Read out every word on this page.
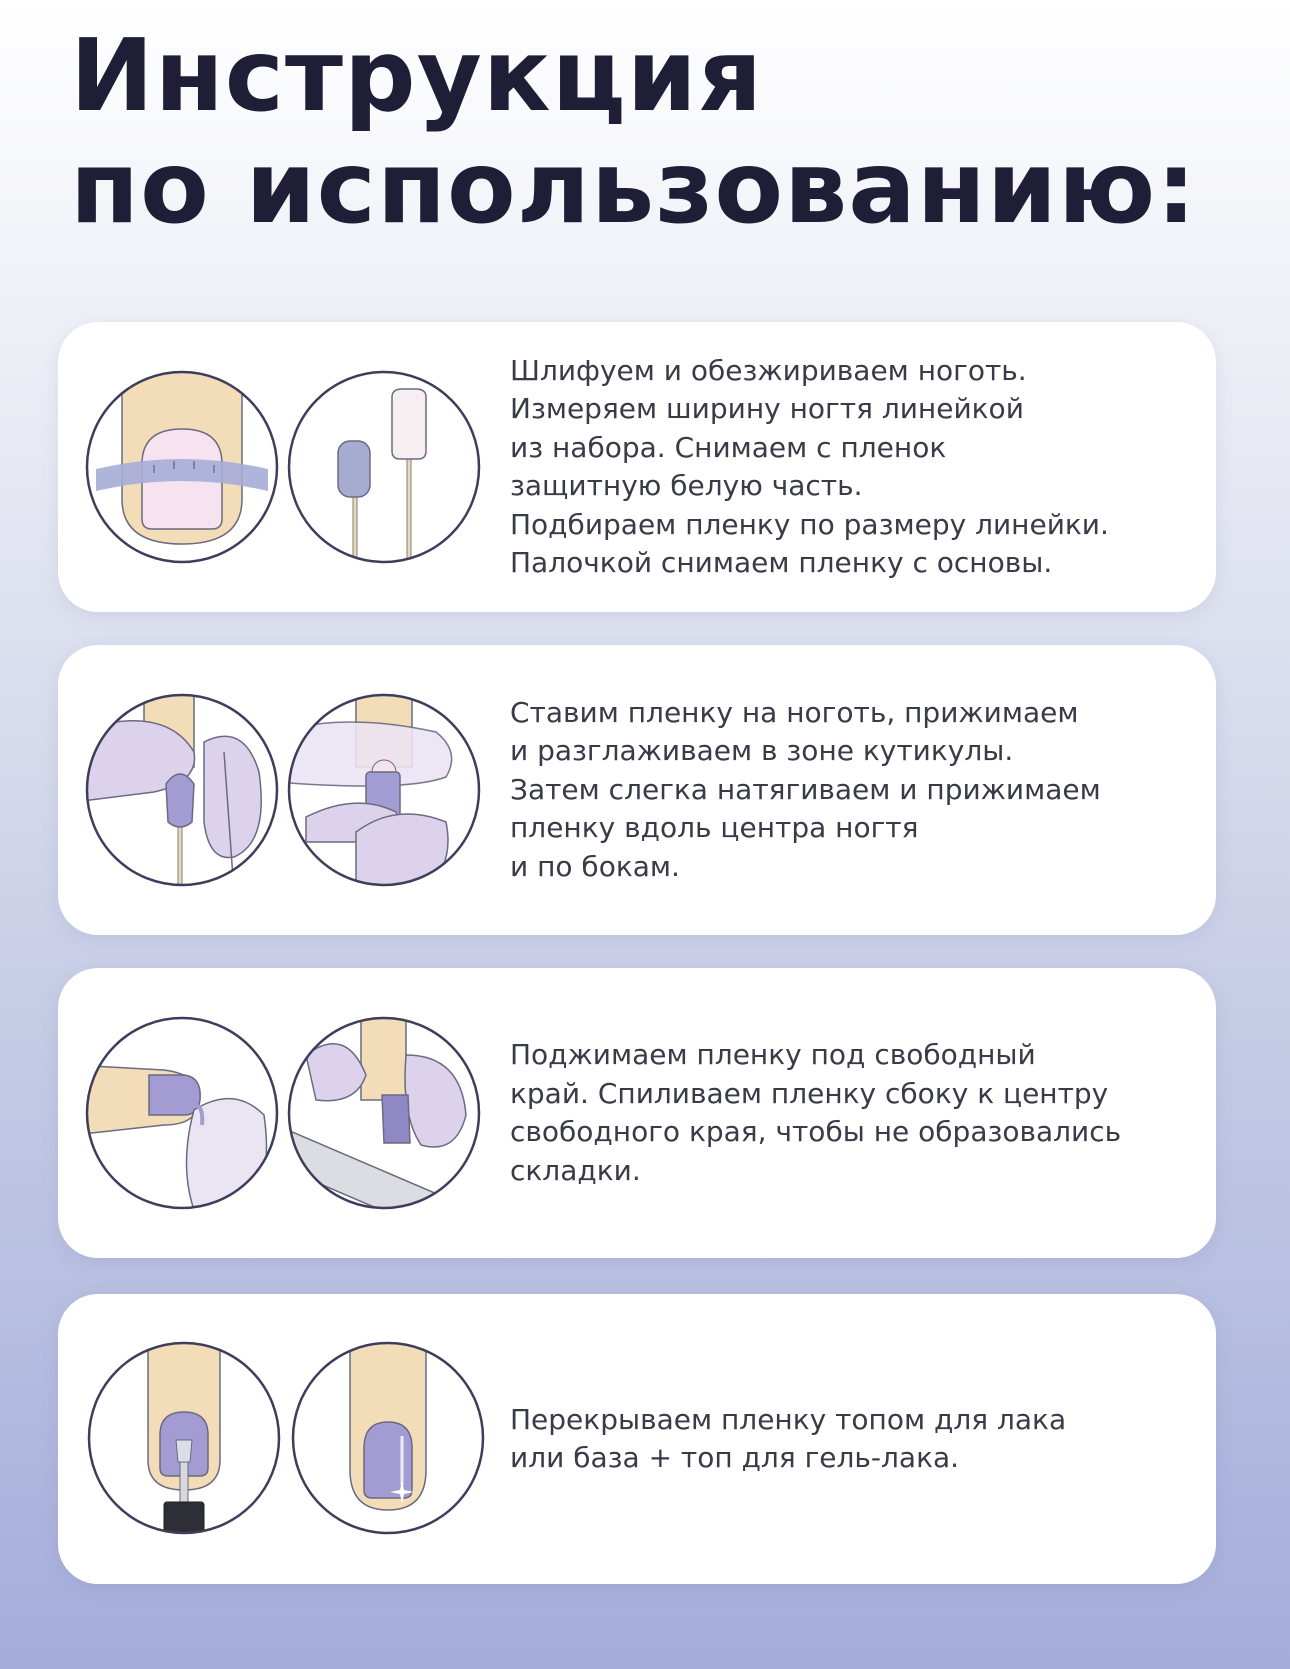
Инструкция
по использованию:

Шлифуем и обезжириваем ноготь.

Измеряем ширину ногтя линейкой

из набора. Снимаем с пленок

защитную белую часть.

Подбираем пленку по размеру линейки.

Палочкой снимаем пленку с основы.

Ставим пленку на ноготь, прижимаем

и разглаживаем в зоне кутикулы.

Затем слегка натягиваем и прижимаем

пленку вдоль центра ногтя

и по бокам.

Поджимаем пленку под свободный

край. Спиливаем пленку сбоку к центру

свободного края, чтобы не образовались

складки.

Перекрываем пленку топом для лака

или база + топ для гель-лака.
